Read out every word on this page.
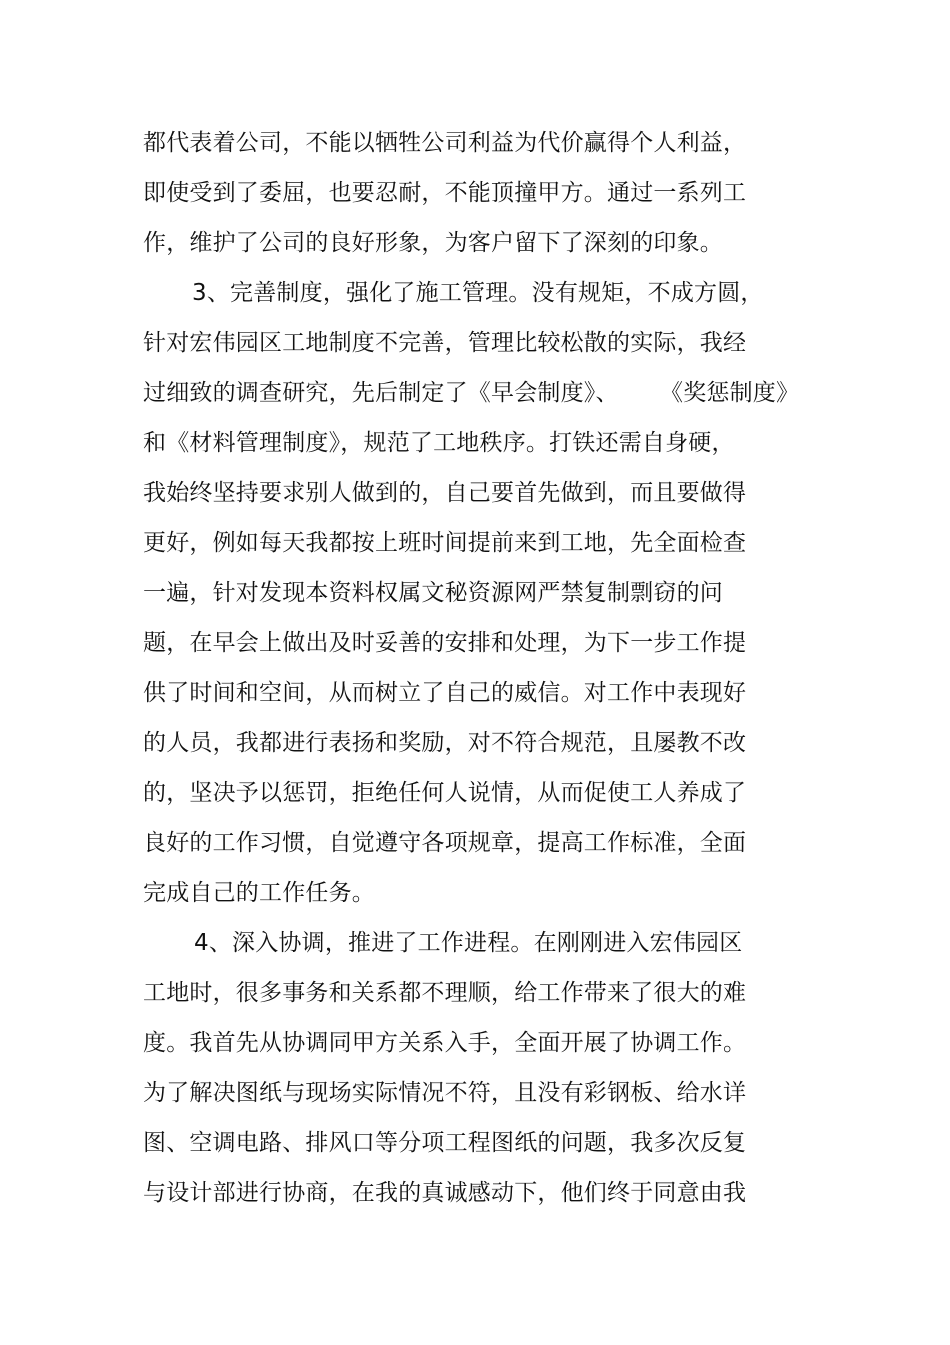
都代表着公司，不能以牺牲公司利益为代价赢得个人利益，
即使受到了委屈，也要忍耐，不能顶撞甲方。通过一系列工
作，维护了公司的良好形象，为客户留下了深刻的印象。
3、完善制度，强化了施工管理。没有规矩，不成方圆，
针对宏伟园区工地制度不完善，管理比较松散的实际，我经
过细致的调查研究，先后制定了《早会制度》、 《奖惩制度》
和《材料管理制度》，规范了工地秩序。打铁还需自身硬，
我始终坚持要求别人做到的，自己要首先做到，而且要做得
更好，例如每天我都按上班时间提前来到工地，先全面检查
一遍，针对发现本资料权属文秘资源网严禁复制剽窃的问
题，在早会上做出及时妥善的安排和处理，为下一步工作提
供了时间和空间，从而树立了自己的威信。对工作中表现好
的人员，我都进行表扬和奖励，对不符合规范，且屡教不改
的，坚决予以惩罚，拒绝任何人说情，从而促使工人养成了
良好的工作习惯，自觉遵守各项规章，提高工作标准，全面
完成自己的工作任务。
4、深入协调，推进了工作进程。在刚刚进入宏伟园区
工地时，很多事务和关系都不理顺，给工作带来了很大的难
度。我首先从协调同甲方关系入手，全面开展了协调工作。
为了解决图纸与现场实际情况不符，且没有彩钢板、给水详
图、空调电路、排风口等分项工程图纸的问题，我多次反复
与设计部进行协商，在我的真诚感动下，他们终于同意由我
